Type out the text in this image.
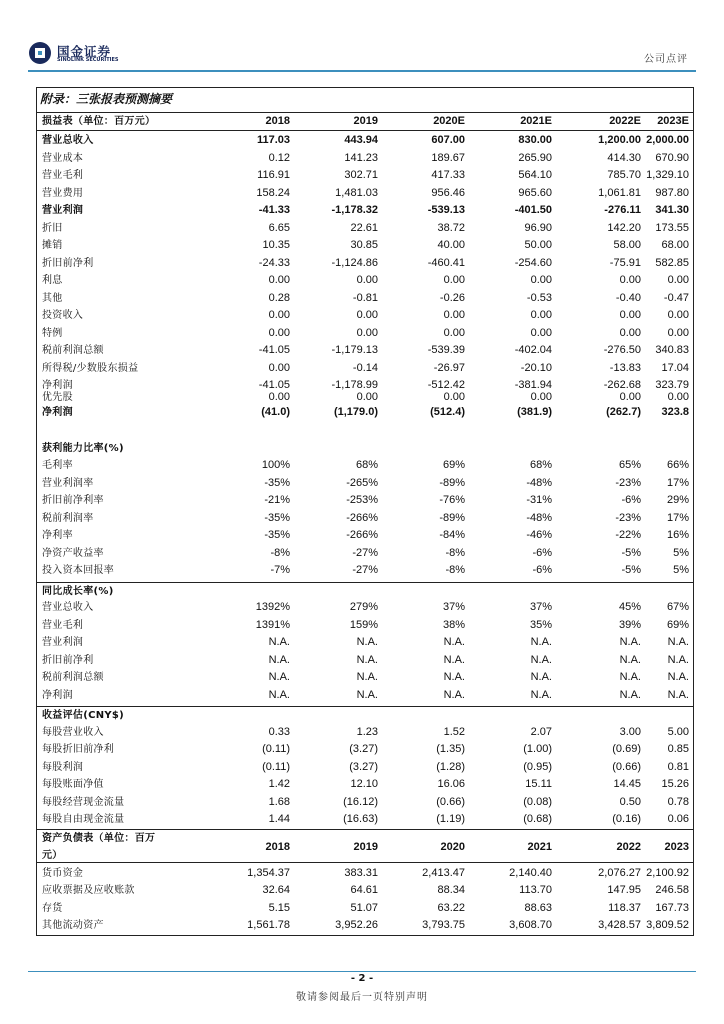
国金证券
SINOLINK SECURITIES	公司点评
附录：三张报表预测摘要
损益表（单位：百万元）	2018	2019	2020E	2021E	2022E	2023E
营业总收入	117.03	443.94	607.00	830.00	1,200.00 2,000.00
营业成本	0.12	141.23	189.67	265.90	414.30	670.90
营业毛利	116.91	302.71	417.33	564.10	785.70 1,329.10
营业费用	158.24	1,481.03	956.46	965.60	1,061.81	987.80
营业利润	-41.33	-1,178.32	-539.13	-401.50	-276.11	341.30
折旧	6.65	22.61	38.72	96.90	142.20	173.55
摊销	10.35	30.85	40.00	50.00	58.00	68.00
折旧前净利	-24.33	-1,124.86	-460.41	-254.60	-75.91	582.85
利息	0.00	0.00	0.00	0.00	0.00	0.00
其他	0.28	-0.81	-0.26	-0.53	-0.40	-0.47
投资收入	0.00	0.00	0.00	0.00	0.00	0.00
特例	0.00	0.00	0.00	0.00	0.00	0.00
税前利润总额	-41.05	-1,179.13	-539.39	-402.04	-276.50	340.83
所得税/少数股东损益	0.00	-0.14	-26.97	-20.10	-13.83	17.04
净利润	-41.05	-1,178.99	-512.42	-381.94	-262.68	323.79
优先股	0.00	0.00	0.00	0.00	0.00	0.00
净利润	(41.0)	(1,179.0)	(512.4)	(381.9)	(262.7)	323.8
获利能力比率(%)
毛利率	100%	68%	69%	68%	65%	66%
营业利润率	-35%	-265%	-89%	-48%	-23%	17%
折旧前净利率	-21%	-253%	-76%	-31%	-6%	29%
税前利润率	-35%	-266%	-89%	-48%	-23%	17%
净利率	-35%	-266%	-84%	-46%	-22%	16%
净资产收益率	-8%	-27%	-8%	-6%	-5%	5%
投入资本回报率	-7%	-27%	-8%	-6%	-5%	5%
同比成长率(%)
营业总收入	1392%	279%	37%	37%	45%	67%
营业毛利	1391%	159%	38%	35%	39%	69%
营业利润	N.A.	N.A.	N.A.	N.A.	N.A.	N.A.
折旧前净利	N.A.	N.A.	N.A.	N.A.	N.A.	N.A.
税前利润总额	N.A.	N.A.	N.A.	N.A.	N.A.	N.A.
净利润	N.A.	N.A.	N.A.	N.A.	N.A.	N.A.
收益评估(CNY$)
每股营业收入	0.33	1.23	1.52	2.07	3.00	5.00
每股折旧前净利	(0.11)	(3.27)	(1.35)	(1.00)	(0.69)	0.85
每股利润	(0.11)	(3.27)	(1.28)	(0.95)	(0.66)	0.81
每股账面净值	1.42	12.10	16.06	15.11	14.45	15.26
每股经营现金流量	1.68	(16.12)	(0.66)	(0.08)	0.50	0.78
每股自由现金流量	1.44	(16.63)	(1.19)	(0.68)	(0.16)	0.06
资产负债表（单位：百万元）
2018	2019	2020	2021	2022	2023
货币资金	1,354.37	383.31	2,413.47	2,140.40	2,076.27 2,100.92
应收票据及应收账款	32.64	64.61	88.34	113.70	147.95	246.58
存货	5.15	51.07	63.22	88.63	118.37	167.73
其他流动资产	1,561.78	3,952.26	3,793.75	3,608.70	3,428.57 3,809.52
- 2 -
敬请参阅最后一页特别声明
